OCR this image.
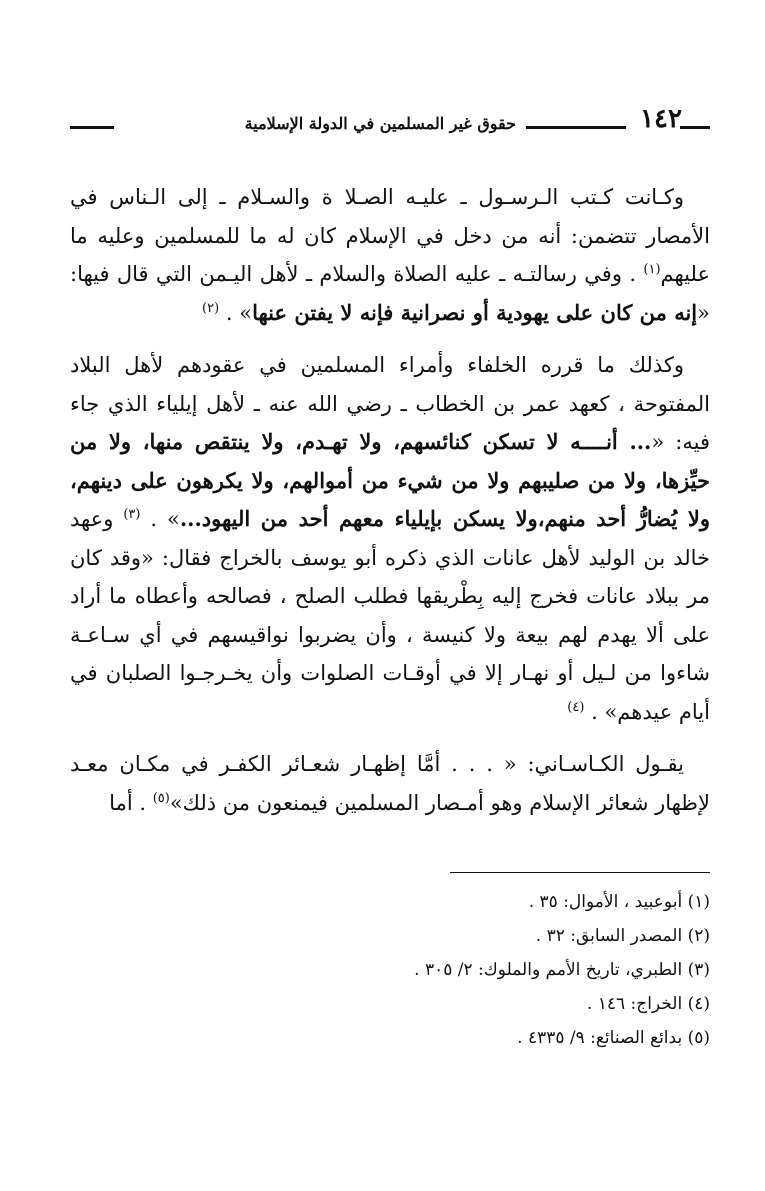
١٤٢
حقوق غير المسلمين في الدولة الإسلامية

وكـانت كـتب الـرسـول ـ عليـه الصـلا ة والسـلام ـ إلى الـناس في الأمصار تتضمن: أنه من دخل في الإسلام كان له ما للمسلمين وعليه ما عليهم$^{(١)}$ . وفي رسالتـه ـ عليه الصلاة والسلام ـ لأهل اليـمن التي قال فيها: «إنه من كان على يهودية أو نصرانية فإنه لا يفتن عنها» . $^{(٢)}$

وكذلك ما قرره الخلفاء وأمراء المسلمين في عقودهم لأهل البلاد المفتوحة ، كعهد عمر بن الخطاب ـ رضي الله عنه ـ لأهل إيلياء الذي جاء فيه: «... أنــــه لا تسكن كنائسهم، ولا تهـدم، ولا ينتقص منها، ولا من حيِّزها، ولا من صليبهم ولا من شيء من أموالهم، ولا يكرهون على دينهم، ولا يُضارُّ أحد منهم،ولا يسكن بإيلياء معهم أحد من اليهود...» . $^{(٣)}$ وعهد خالد بن الوليد لأهل عانات الذي ذكره أبو يوسف بالخراج فقال: «وقد كان مر ببلاد عانات فخرج إليه بِطْريقها فطلب الصلح ، فصالحه وأعطاه ما أراد على ألا يهدم لهم بيعة ولا كنيسة ، وأن يضربوا نواقيسهم في أي سـاعـة شاءوا من لـيل أو نهـار إلا في أوقـات الصلوات وأن يخـرجـوا الصلبان في أيام عيدهم» . $^{(٤)}$

يقـول الكـاسـاني: « . . . أمَّا إظهـار شعـائر الكفـر في مكـان معـد لإظهار شعائر الإسلام وهو أمـصار المسلمين فيمنعون من ذلك»$^{(٥)}$ . أما

(١) أبوعبيد ، الأموال: ٣٥ .
(٢) المصدر السابق: ٣٢ .
(٣) الطبري، تاريخ الأمم والملوك: ٢/ ٣٠٥ .
(٤) الخراج: ١٤٦ .
(٥) بدائع الصنائع: ٩/ ٤٣٣٥ .
